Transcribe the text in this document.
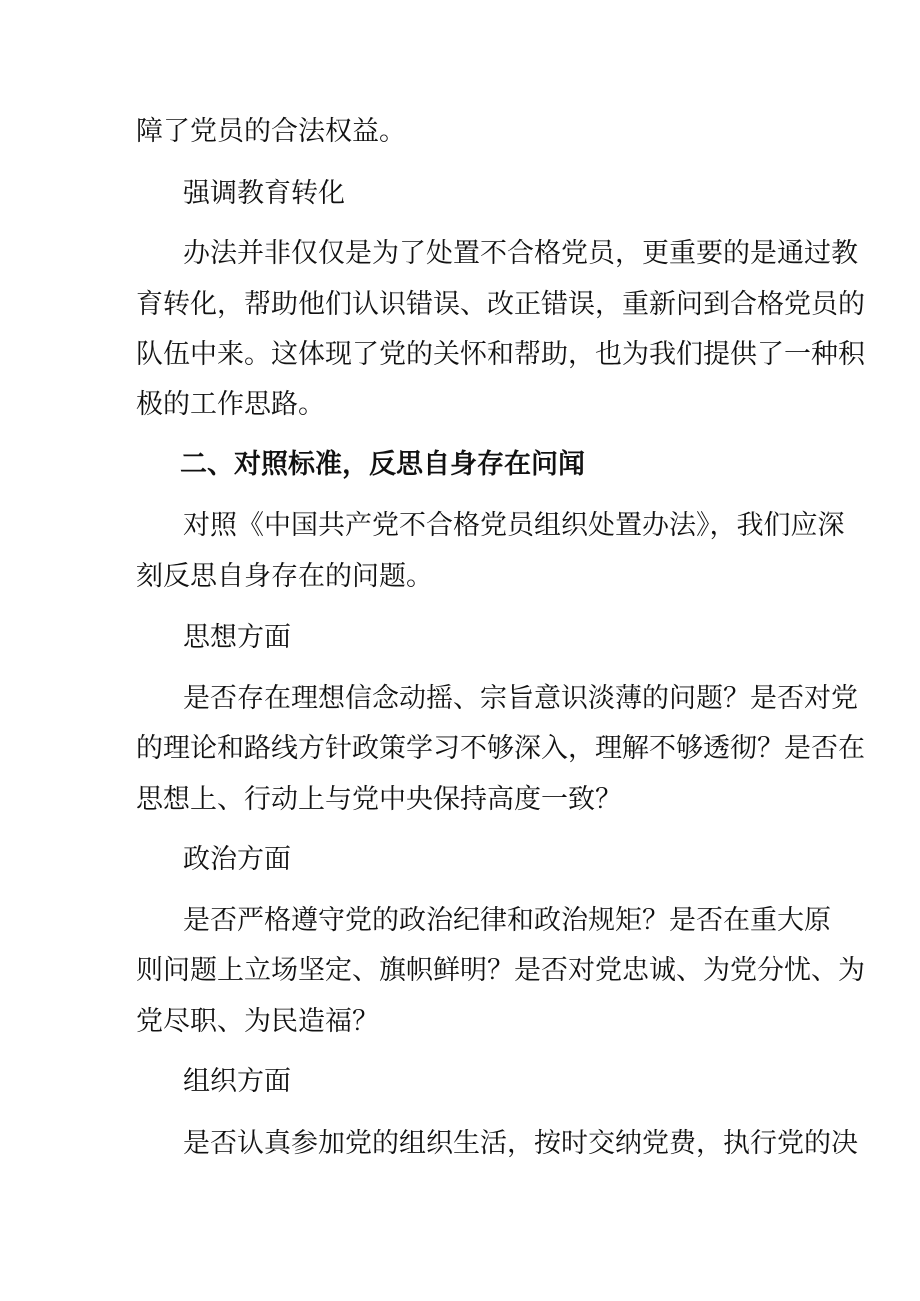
障了党员的合法权益。
强调教育转化
办法并非仅仅是为了处置不合格党员，更重要的是通过教
育转化，帮助他们认识错误、改正错误，重新问到合格党员的
队伍中来。这体现了党的关怀和帮助，也为我们提供了一种积
极的工作思路。
二、对照标准，反思自身存在问闻
对照《中国共产党不合格党员组织处置办法》，我们应深
刻反思自身存在的问题。
思想方面
是否存在理想信念动摇、宗旨意识淡薄的问题？是否对党
的理论和路线方针政策学习不够深入，理解不够透彻？是否在
思想上、行动上与党中央保持高度一致？
政治方面
是否严格遵守党的政治纪律和政治规矩？是否在重大原
则问题上立场坚定、旗帜鲜明？是否对党忠诚、为党分忧、为
党尽职、为民造福？
组织方面
是否认真参加党的组织生活，按时交纳党费，执行党的决
